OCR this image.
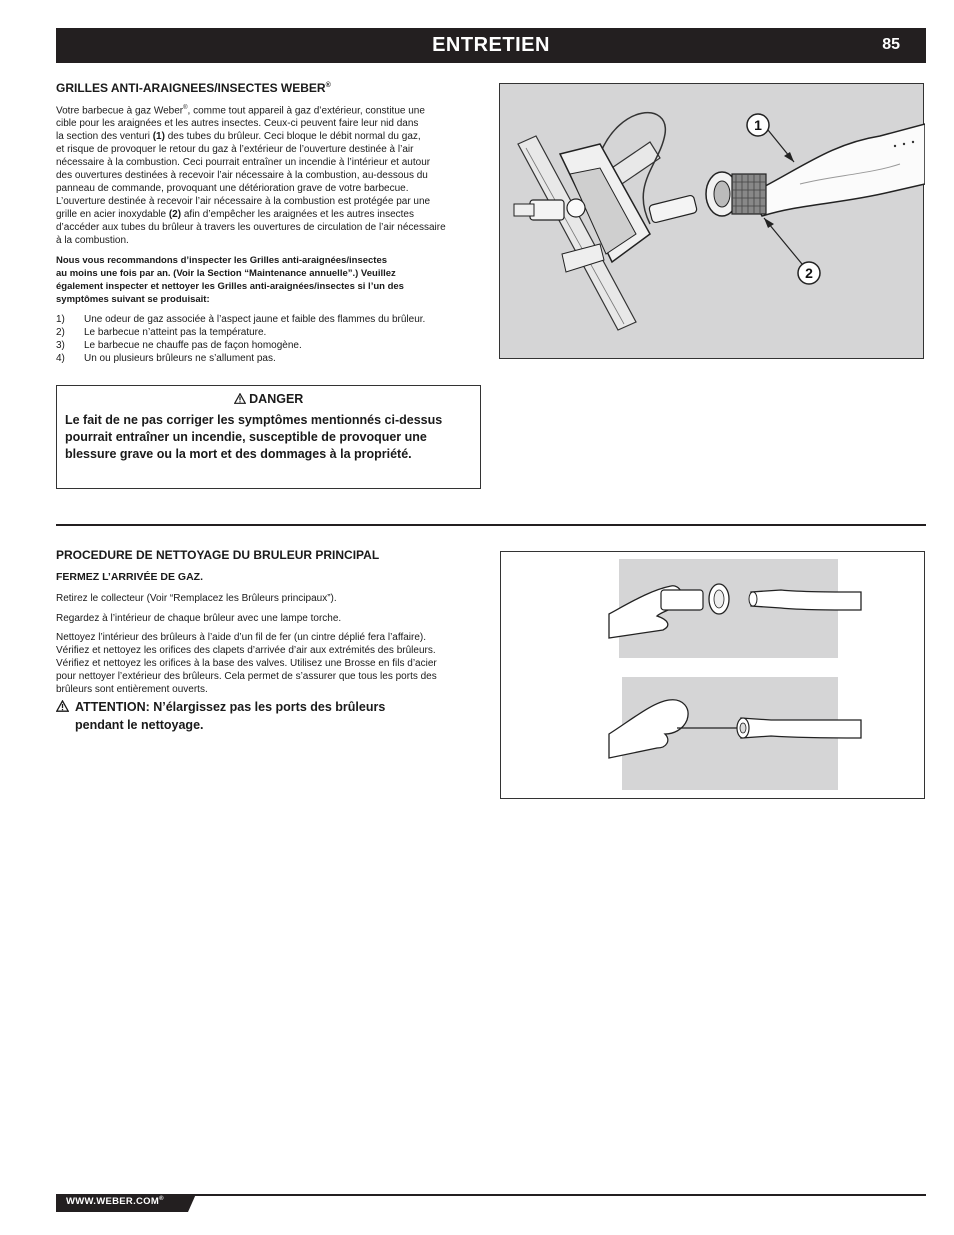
ENTRETIEN	85
GRILLES ANTI-ARAIGNEES/INSECTES WEBER®
Votre barbecue à gaz Weber®, comme tout appareil à gaz d’extérieur, constitue une
cible pour les araignées et les autres insectes. Ceux-ci peuvent faire leur nid dans
la section des venturi (1) des tubes du brûleur. Ceci bloque le débit normal du gaz,
et risque de provoquer le retour du gaz à l’extérieur de l’ouverture destinée à l’air
nécessaire à la combustion. Ceci pourrait entraîner un incendie à l’intérieur et autour
des ouvertures destinées à recevoir l’air nécessaire à la combustion, au-dessous du
panneau de commande, provoquant une détérioration grave de votre barbecue.
L’ouverture destinée à recevoir l’air nécessaire à la combustion est protégée par une
grille en acier inoxydable (2) afin d’empêcher les araignées et les autres insectes
d’accéder aux tubes du brûleur à travers les ouvertures de circulation de l’air nécessaire
à la combustion.
Nous vous recommandons d’inspecter les Grilles anti-araignées/insectes
au moins une fois par an. (Voir la Section “Maintenance annuelle”.) Veuillez
également inspecter et nettoyer les Grilles anti-araignées/insectes si l’un des
symptômes suivant se produisait:
1) Une odeur de gaz associée à l’aspect jaune et faible des flammes du brûleur.
2) Le barbecue n’atteint pas la température.
3) Le barbecue ne chauffe pas de façon homogène.
4) Un ou plusieurs brûleurs ne s’allument pas.
DANGER
Le fait de ne pas corriger les symptômes mentionnés ci-dessus pourrait entraîner un incendie, susceptible de provoquer une blessure grave ou la mort et des dommages à la propriété.
1
2
PROCEDURE DE NETTOYAGE DU BRULEUR PRINCIPAL
FERMEZ L’ARRIVÉE DE GAZ.
Retirez le collecteur (Voir “Remplacez les Brûleurs principaux”).
Regardez à l’intérieur de chaque brûleur avec une lampe torche.
Nettoyez l’intérieur des brûleurs à l’aide d’un fil de fer (un cintre déplié fera l’affaire).
Vérifiez et nettoyez les orifices des clapets d’arrivée d’air aux extrémités des brûleurs.
Vérifiez et nettoyez les orifices à la base des valves. Utilisez une Brosse en fils d’acier
pour nettoyer l’extérieur des brûleurs. Cela permet de s’assurer que tous les ports des
brûleurs sont entièrement ouverts.
ATTENTION: N’élargissez pas les ports des brûleurs
pendant le nettoyage.
WWW.WEBER.COM®
